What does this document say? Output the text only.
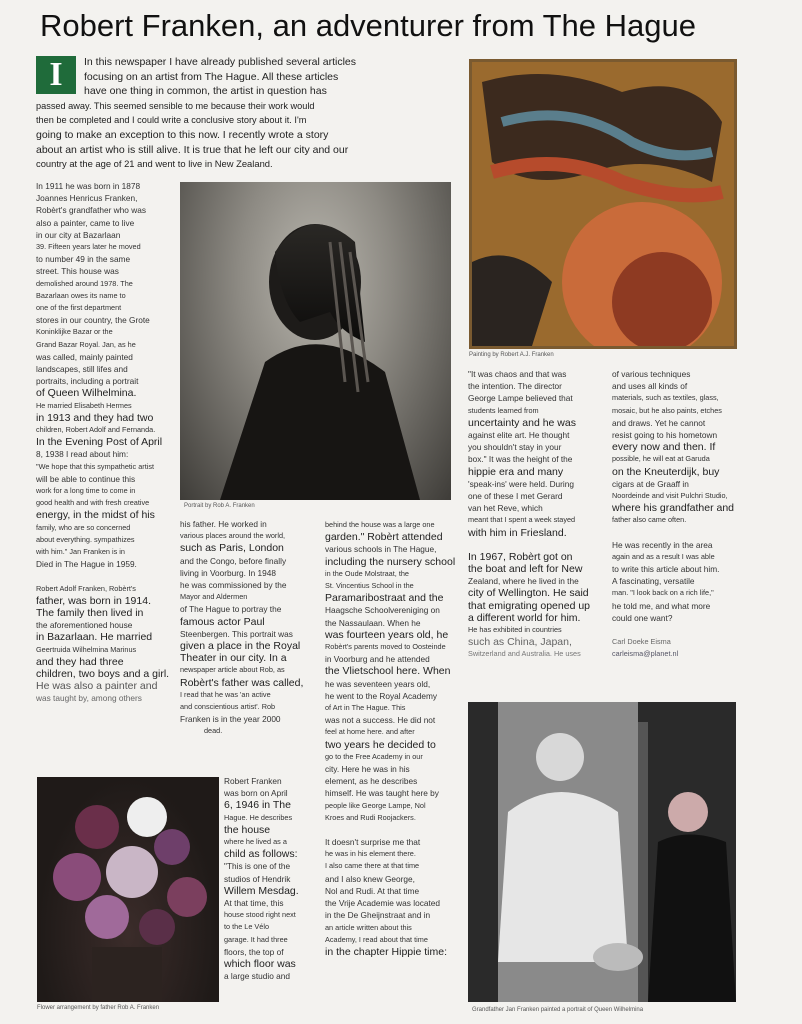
Robert Franken, an adventurer from The Hague
I	In this newspaper I have already published several articles
focusing on an artist from The Hague. All these articles
have one thing in common, the artist in question has
passed away. This seemed sensible to me because their work would
then be completed and I could write a conclusive story about it. I'm
going to make an exception to this now. I recently wrote a story
about an artist who is still alive. It is true that he left our city and our
country at the age of 21 and went to live in New Zealand.
In 1911 he was born in 1878
Joannes Henricus Franken,
Robèrt's grandfather who was
also a painter, came to live
in our city at Bazarlaan
39. Fifteen years later he moved
to number 49 in the same
street. This house was
demolished around 1978. The
Bazarlaan owes its name to
one of the first department
stores in our country, the Grote
Koninklijke Bazar or the
Grand Bazar Royal. Jan, as he
was called, mainly painted
landscapes, still lifes and
portraits, including a portrait
of Queen Wilhelmina.
He married Elisabeth Hermes
in 1913 and they had two
children, Robert Adolf and Fernanda.
In the Evening Post of April
8, 1938 I read about him:
"We hope that this sympathetic artist
will be able to continue this
work for a long time to come in
good health and with fresh creative
energy, in the midst of his
family, who are so concerned
about everything. sympathizes
with him." Jan Franken is in
Died in The Hague in 1959.
Robert Adolf Franken, Robèrt's
father, was born in 1914.
The family then lived in
the aforementioned house
in Bazarlaan. He married
Geertruida Wilhelmina Marinus
and they had three
children, two boys and a girl.
He was also a painter and
was taught by, among others
Portrait by Rob A. Franken
Painting by Robert A.J. Franken
his father. He worked in
various places around the world,
such as Paris, London
and the Congo, before finally
living in Voorburg. In 1948
he was commissioned by the
Mayor and Aldermen
of The Hague to portray the
famous actor Paul
Steenbergen. This portrait was
given a place in the Royal
Theater in our city. In a
newspaper article about Rob, as
Robèrt's father was called,
I read that he was 'an active
and conscientious artist'. Rob
Franken is in the year 2000
dead.
Robert Franken
was born on April
6, 1946 in The
Hague. He describes
the house
where he lived as a
child as follows:
"This is one of the
studios of Hendrik
Willem Mesdag.
At that time, this
house stood right next
to the Le Vélo
garage. It had three
floors, the top of
which floor was
a large studio and
Flower arrangement by father Rob A. Franken
behind the house was a large one
garden." Robèrt attended
various schools in The Hague,
including the nursery school
in the Oude Molstraat, the
St. Vincentius School in the
Paramaribostraat and the
Haagsche Schoolvereniging on
the Nassaulaan. When he
was fourteen years old, he
Robèrt's parents moved to Oosteinde
in Voorburg and he attended
the Vlietschool here. When
he was seventeen years old,
he went to the Royal Academy
of Art in The Hague. This
was not a success. He did not
feel at home here. and after
two years he decided to
go to the Free Academy in our
city. Here he was in his
element, as he describes
himself. He was taught here by
people like George Lampe, Nol
Kroes and Rudi Roojackers.
It doesn't surprise me that
he was in his element there.
I also came there at that time
and I also knew George,
Nol and Rudi. At that time
the Vrije Academie was located
in the De Gheijnstraat and in
an article written about this
Academy, I read about that time
in the chapter Hippie time:
"It was chaos and that was
the intention. The director
George Lampe believed that
students learned from
uncertainty and he was
against elite art. He thought
you shouldn't stay in your
box." It was the height of the
hippie era and many
'speak-ins' were held. During
one of these I met Gerard
van het Reve, which
meant that I spent a week stayed
with him in Friesland.
In 1967, Robèrt got on
the boat and left for New
Zealand, where he lived in the
city of Wellington. He said
that emigrating opened up
a different world for him.
He has exhibited in countries
such as China, Japan,
Switzerland and Australia. He uses
of various techniques
and uses all kinds of
materials, such as textiles, glass,
mosaic, but he also paints, etches
and draws. Yet he cannot
resist going to his hometown
every now and then. If
possible, he will eat at Garuda
on the Kneuterdijk, buy
cigars at de Graaff in
Noordeinde and visit Pulchri Studio,
where his grandfather and
father also came often.
He was recently in the area
again and as a result I was able
to write this article about him.
A fascinating, versatile
man. "I look back on a rich life,"
he told me, and what more
could one want?
Carl Doeke Eisma
carleisma@planet.nl
Grandfather Jan Franken painted a portrait of Queen Wilhelmina
